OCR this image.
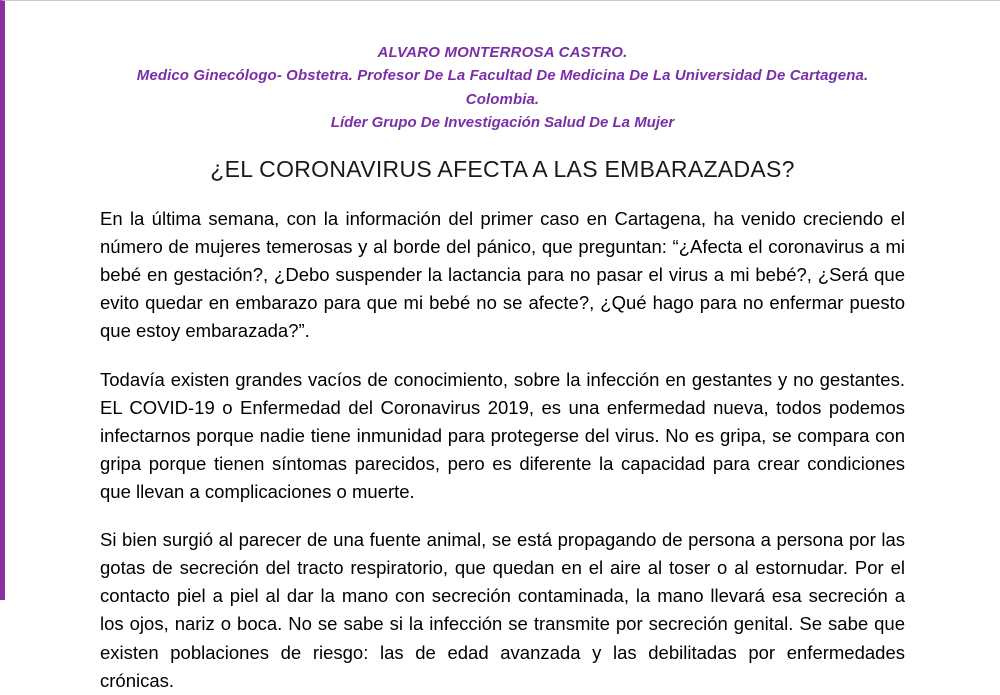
ALVARO MONTERROSA CASTRO.
Medico Ginecólogo- Obstetra. Profesor De La Facultad De Medicina De La Universidad De Cartagena. Colombia.
Líder Grupo De Investigación Salud De La Mujer
¿EL CORONAVIRUS AFECTA A LAS EMBARAZADAS?

En la última semana, con la información del primer caso en Cartagena, ha venido creciendo el número de mujeres temerosas y al borde del pánico, que preguntan: “¿Afecta el coronavirus a mi bebé en gestación?, ¿Debo suspender la lactancia para no pasar el virus a mi bebé?, ¿Será que evito quedar en embarazo para que mi bebé no se afecte?, ¿Qué hago para no enfermar puesto que estoy embarazada?”.

Todavía existen grandes vacíos de conocimiento, sobre la infección en gestantes y no gestantes. EL COVID-19 o Enfermedad del Coronavirus 2019, es una enfermedad nueva, todos podemos infectarnos porque nadie tiene inmunidad para protegerse del virus. No es gripa, se compara con gripa porque tienen síntomas parecidos, pero es diferente la capacidad para crear condiciones que llevan a complicaciones o muerte.

Si bien surgió al parecer de una fuente animal, se está propagando de persona a persona por las gotas de secreción del tracto respiratorio, que quedan en el aire al toser o al estornudar. Por el contacto piel a piel al dar la mano con secreción contaminada, la mano llevará esa secreción a los ojos, nariz o boca. No se sabe si la infección se transmite por secreción genital. Se sabe que existen poblaciones de riesgo: las de edad avanzada y las debilitadas por enfermedades crónicas.
